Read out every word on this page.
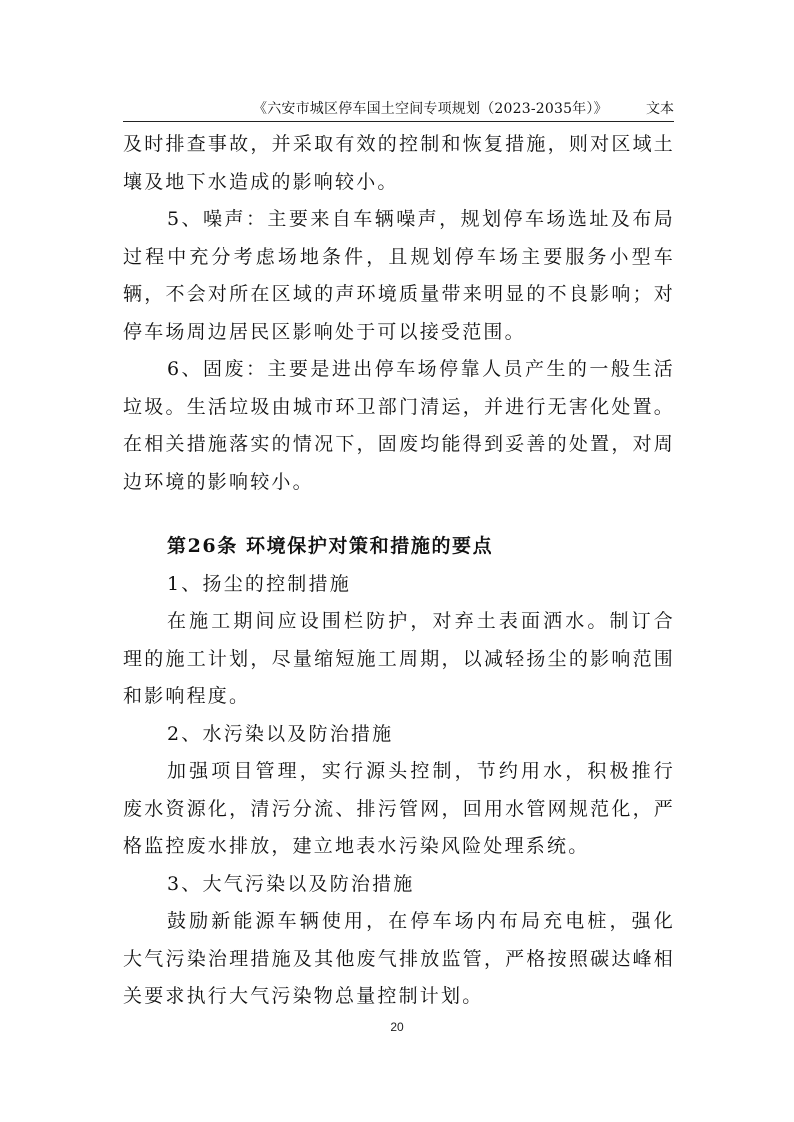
《六安市城区停车国土空间专项规划（2023-2035年）》	文本

及时排查事故，并采取有效的控制和恢复措施，则对区域土壤及地下水造成的影响较小。

5、噪声：主要来自车辆噪声，规划停车场选址及布局过程中充分考虑场地条件，且规划停车场主要服务小型车辆，不会对所在区域的声环境质量带来明显的不良影响；对停车场周边居民区影响处于可以接受范围。

6、固废：主要是进出停车场停靠人员产生的一般生活垃圾。生活垃圾由城市环卫部门清运，并进行无害化处置。在相关措施落实的情况下，固废均能得到妥善的处置，对周边环境的影响较小。

第26条 环境保护对策和措施的要点

1、扬尘的控制措施

在施工期间应设围栏防护，对弃土表面洒水。制订合理的施工计划，尽量缩短施工周期，以减轻扬尘的影响范围和影响程度。

2、水污染以及防治措施

加强项目管理，实行源头控制，节约用水，积极推行废水资源化，清污分流、排污管网，回用水管网规范化，严格监控废水排放，建立地表水污染风险处理系统。

3、大气污染以及防治措施

鼓励新能源车辆使用，在停车场内布局充电桩，强化大气污染治理措施及其他废气排放监管，严格按照碳达峰相关要求执行大气污染物总量控制计划。

20
